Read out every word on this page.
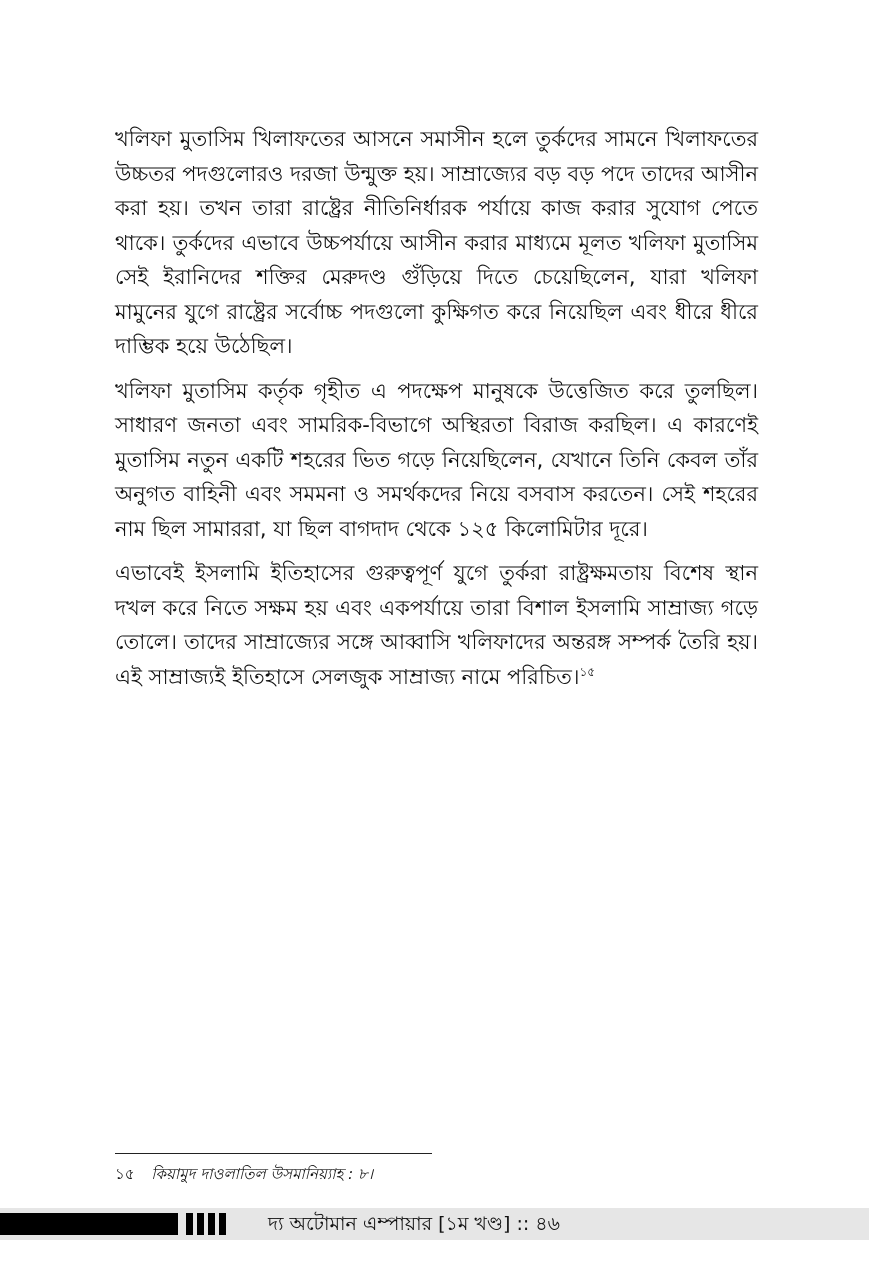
খলিফা মুতাসিম খিলাফতের আসনে সমাসীন হলে তুর্কদের সামনে খিলাফতের উচ্চতর পদগুলোরও দরজা উন্মুক্ত হয়। সাম্রাজ্যের বড় বড় পদে তাদের আসীন করা হয়। তখন তারা রাষ্ট্রের নীতিনির্ধারক পর্যায়ে কাজ করার সুযোগ পেতে থাকে। তুর্কদের এভাবে উচ্চপর্যায়ে আসীন করার মাধ্যমে মূলত খলিফা মুতাসিম সেই ইরানিদের শক্তির মেরুদণ্ড গুঁড়িয়ে দিতে চেয়েছিলেন, যারা খলিফা মামুনের যুগে রাষ্ট্রের সর্বোচ্চ পদগুলো কুক্ষিগত করে নিয়েছিল এবং ধীরে ধীরে দাম্ভিক হয়ে উঠেছিল।

খলিফা মুতাসিম কর্তৃক গৃহীত এ পদক্ষেপ মানুষকে উত্তেজিত করে তুলছিল। সাধারণ জনতা এবং সামরিক-বিভাগে অস্থিরতা বিরাজ করছিল। এ কারণেই মুতাসিম নতুন একটি শহরের ভিত গড়ে নিয়েছিলেন, যেখানে তিনি কেবল তাঁর অনুগত বাহিনী এবং সমমনা ও সমর্থকদের নিয়ে বসবাস করতেন। সেই শহরের নাম ছিল সামাররা, যা ছিল বাগদাদ থেকে ১২৫ কিলোমিটার দূরে।

এভাবেই ইসলামি ইতিহাসের গুরুত্বপূর্ণ যুগে তুর্করা রাষ্ট্রক্ষমতায় বিশেষ স্থান দখল করে নিতে সক্ষম হয় এবং একপর্যায়ে তারা বিশাল ইসলামি সাম্রাজ্য গড়ে তোলে। তাদের সাম্রাজ্যের সঙ্গে আব্বাসি খলিফাদের অন্তরঙ্গ সম্পর্ক তৈরি হয়। এই সাম্রাজ্যই ইতিহাসে সেলজুক সাম্রাজ্য নামে পরিচিত।$^{১৫}$

১৫ কিয়ামুদ দাওলাতিল উসমানিয়্যাহ : ৮।
দ্য অটোমান এম্পায়ার [১ম খণ্ড] :: ৪৬
